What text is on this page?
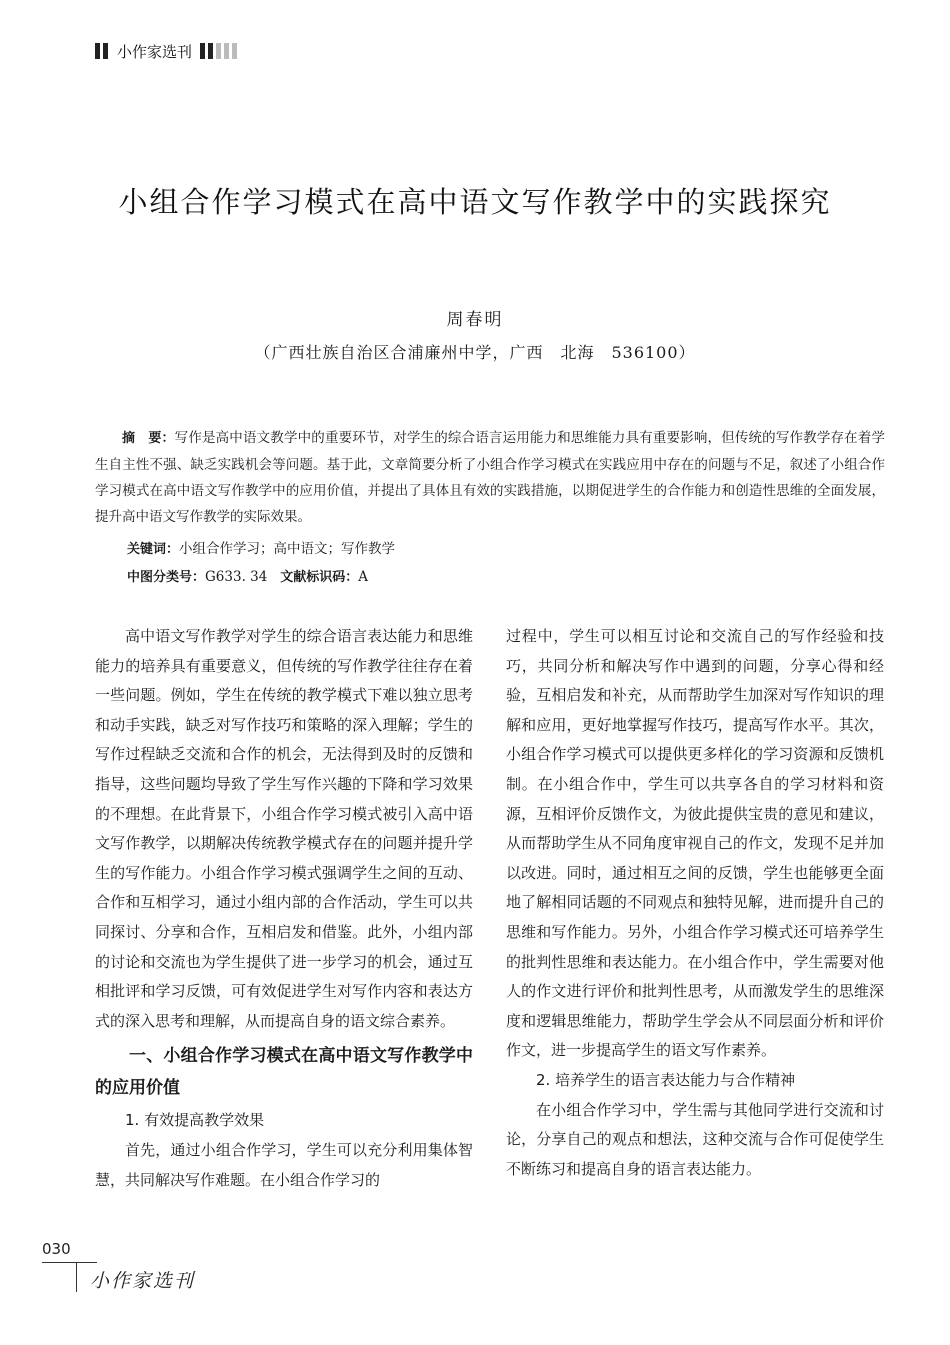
小作家选刊
小组合作学习模式在高中语文写作教学中的实践探究
周春明
（广西壮族自治区合浦廉州中学，广西　北海　536100）

摘　要：写作是高中语文教学中的重要环节，对学生的综合语言运用能力和思维能力具有重要影响，但传统的写作教学存在着学生自主性不强、缺乏实践机会等问题。基于此，文章简要分析了小组合作学习模式在实践应用中存在的问题与不足，叙述了小组合作学习模式在高中语文写作教学中的应用价值，并提出了具体且有效的实践措施，以期促进学生的合作能力和创造性思维的全面发展，提升高中语文写作教学的实际效果。

关键词：小组合作学习；高中语文；写作教学
中图分类号：G633. 34 文献标识码：A

高中语文写作教学对学生的综合语言表达能力和思维能力的培养具有重要意义，但传统的写作教学往往存在着一些问题。例如，学生在传统的教学模式下难以独立思考和动手实践，缺乏对写作技巧和策略的深入理解；学生的写作过程缺乏交流和合作的机会，无法得到及时的反馈和指导，这些问题均导致了学生写作兴趣的下降和学习效果的不理想。在此背景下，小组合作学习模式被引入高中语文写作教学，以期解决传统教学模式存在的问题并提升学生的写作能力。小组合作学习模式强调学生之间的互动、合作和互相学习，通过小组内部的合作活动，学生可以共同探讨、分享和合作，互相启发和借鉴。此外，小组内部的讨论和交流也为学生提供了进一步学习的机会，通过互相批评和学习反馈，可有效促进学生对写作内容和表达方式的深入思考和理解，从而提高自身的语文综合素养。

一、小组合作学习模式在高中语文写作教学中的应用价值
1. 有效提高教学效果

首先，通过小组合作学习，学生可以充分利用集体智慧，共同解决写作难题。在小组合作学习的

过程中，学生可以相互讨论和交流自己的写作经验和技巧，共同分析和解决写作中遇到的问题，分享心得和经验，互相启发和补充，从而帮助学生加深对写作知识的理解和应用，更好地掌握写作技巧，提高写作水平。其次，小组合作学习模式可以提供更多样化的学习资源和反馈机制。在小组合作中，学生可以共享各自的学习材料和资源，互相评价反馈作文，为彼此提供宝贵的意见和建议，从而帮助学生从不同角度审视自己的作文，发现不足并加以改进。同时，通过相互之间的反馈，学生也能够更全面地了解相同话题的不同观点和独特见解，进而提升自己的思维和写作能力。另外，小组合作学习模式还可培养学生的批判性思维和表达能力。在小组合作中，学生需要对他人的作文进行评价和批判性思考，从而激发学生的思维深度和逻辑思维能力，帮助学生学会从不同层面分析和评价作文，进一步提高学生的语文写作素养。

2. 培养学生的语言表达能力与合作精神

在小组合作学习中，学生需与其他同学进行交流和讨论，分享自己的观点和想法，这种交流与合作可促使学生不断练习和提高自身的语言表达能力。

030
小作家选刊
